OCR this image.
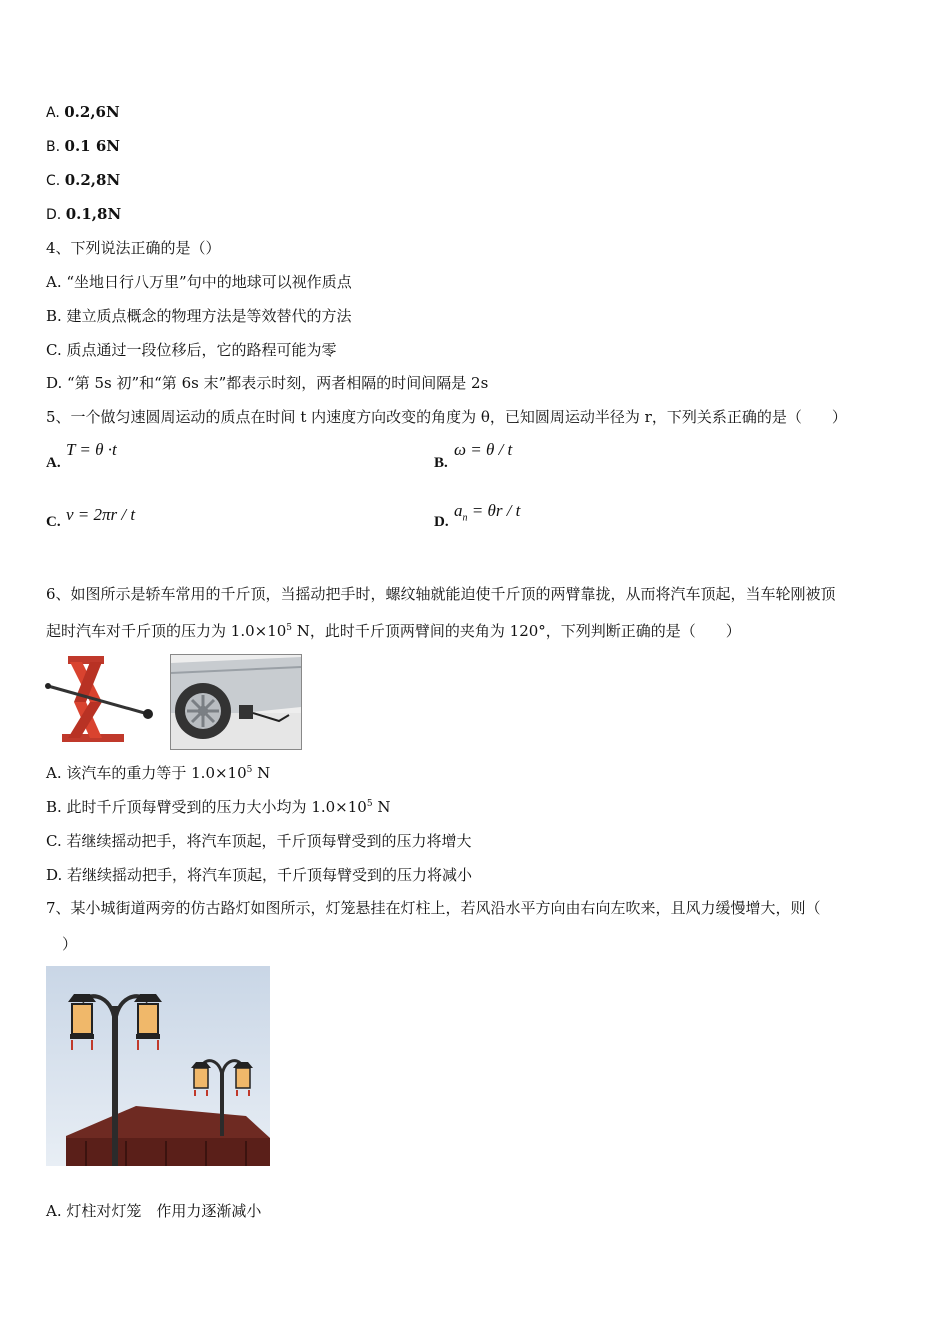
A. 0.2,6N
B. 0.1 6N
C. 0.2,8N
D. 0.1,8N
4、下列说法正确的是（）
A. “坐地日行八万里”句中的地球可以视作质点
B. 建立质点概念的物理方法是等效替代的方法
C. 质点通过一段位移后，它的路程可能为零
D. “第 5s 初”和“第 6s 末”都表示时刻，两者相隔的时间间隔是 2s
5、一个做匀速圆周运动的质点在时间 t 内速度方向改变的角度为 θ，已知圆周运动半径为 r，下列关系正确的是（　　）
A.
T = θ ·t
B.
ω = θ / t
C. v = 2πr / t	D.
$a_n = \theta r / t$
6、如图所示是轿车常用的千斤顶，当摇动把手时，螺纹轴就能迫使千斤顶的两臂靠拢，从而将汽车顶起，当车轮刚被顶
起时汽车对千斤顶的压力为 $1.0\times 10^5$ N，此时千斤顶两臂间的夹角为 120°，下列判断正确的是（　　）
A. 该汽车的重力等于 $1.0\times 10^5$ N
B. 此时千斤顶每臂受到的压力大小均为 $1.0\times 10^5$ N
C. 若继续摇动把手，将汽车顶起，千斤顶每臂受到的压力将增大
D. 若继续摇动把手，将汽车顶起，千斤顶每臂受到的压力将减小
7、某小城街道两旁的仿古路灯如图所示，灯笼悬挂在灯柱上，若风沿水平方向由右向左吹来，且风力缓慢增大，则（
）
A. 灯柱对灯笼　作用力逐渐减小
